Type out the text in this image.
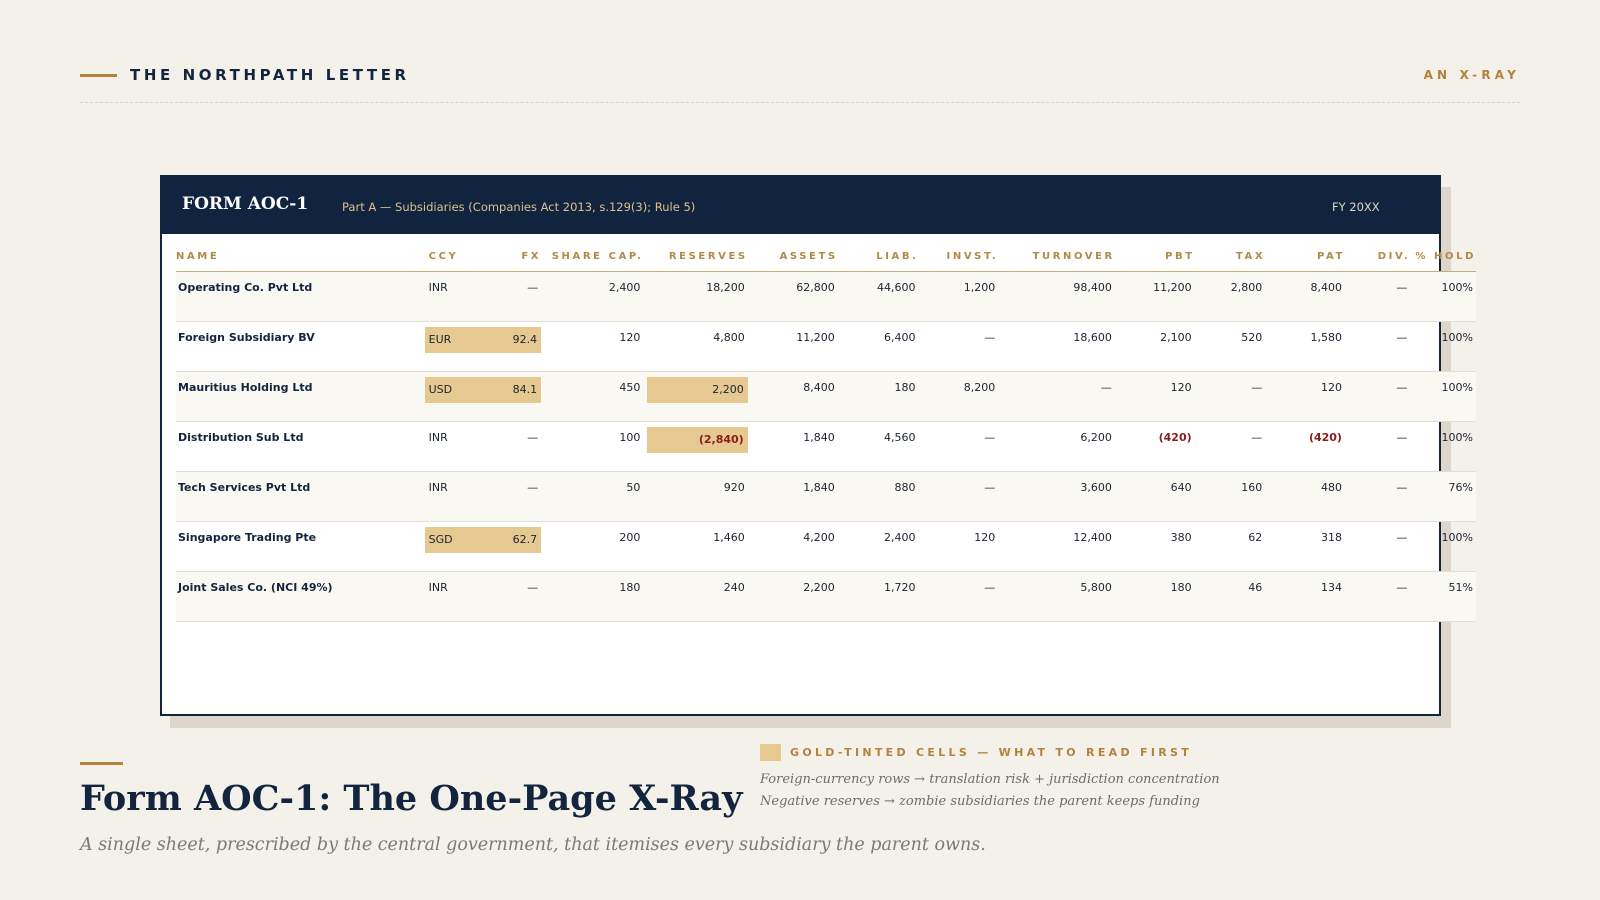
THE NORTHPATH LETTER	AN X-RAY
FORM AOC-1	Part A — Subsidiaries (Companies Act 2013, s.129(3); Rule 5)	FY 20XX
NAME	CCY	FX	SHARE CAP.	RESERVES	ASSETS	LIAB.	INVST.	TURNOVER	PBT	TAX	PAT	DIV.	% HOLD
Operating Co. Pvt Ltd	INR	—	2,400	18,200	62,800	44,600	1,200	98,400	11,200	2,800	8,400	—	100%
Foreign Subsidiary BV	EUR	92.4	120	4,800	11,200	6,400	—	18,600	2,100	520	1,580	—	100%
Mauritius Holding Ltd	USD	84.1	450	2,200	8,400	180	8,200	—	120	—	120	—	100%
Distribution Sub Ltd	INR	—	100	(2,840)	1,840	4,560	—	6,200	(420)	—	(420)	—	100%
Tech Services Pvt Ltd	INR	—	50	920	1,840	880	—	3,600	640	160	480	—	76%
Singapore Trading Pte	SGD	62.7	200	1,460	4,200	2,400	120	12,400	380	62	318	—	100%
Joint Sales Co. (NCI 49%)	INR	—	180	240	2,200	1,720	—	5,800	180	46	134	—	51%
Form AOC-1: The One-Page X-Ray
A single sheet, prescribed by the central government, that itemises every subsidiary the parent owns.
GOLD-TINTED CELLS — WHAT TO READ FIRST
Foreign-currency rows → translation risk + jurisdiction concentration
Negative reserves → zombie subsidiaries the parent keeps funding
